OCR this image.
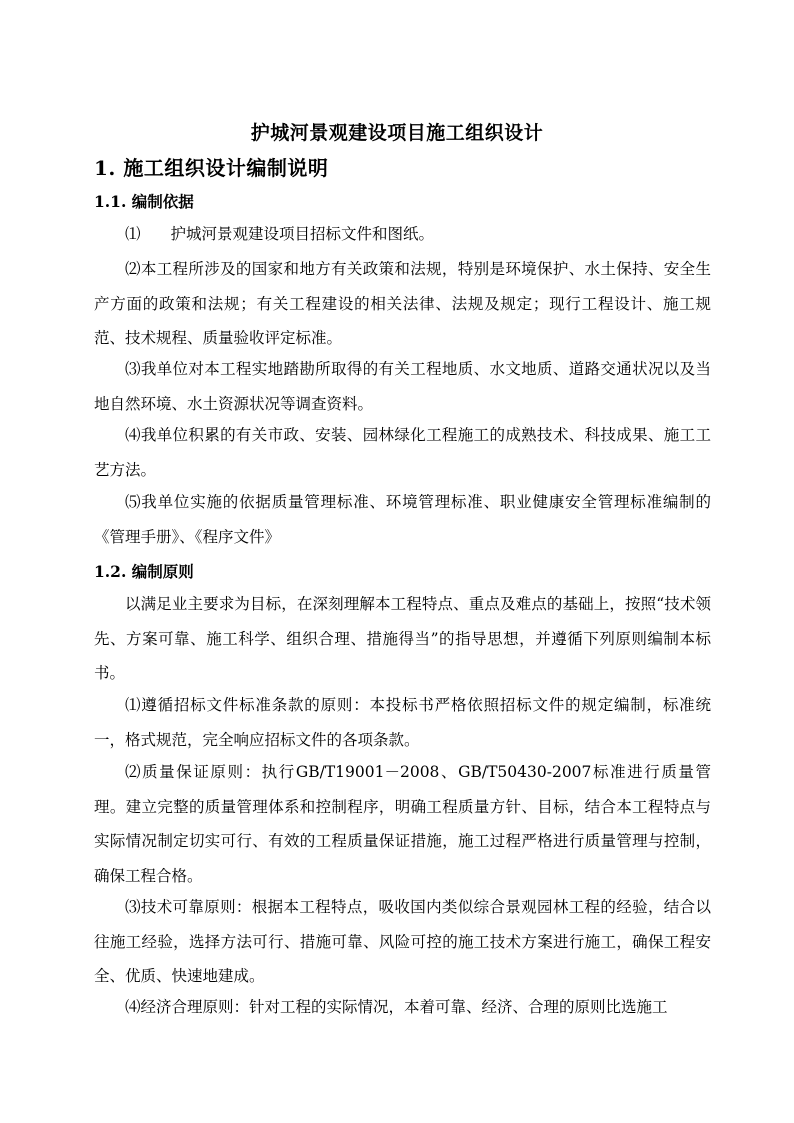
护城河景观建设项目施工组织设计
1. 施工组织设计编制说明
1.1. 编制依据
⑴ 护城河景观建设项目招标文件和图纸。
⑵本工程所涉及的国家和地方有关政策和法规，特别是环境保护、水土保持、安全生产方面的政策和法规；有关工程建设的相关法律、法规及规定；现行工程设计、施工规范、技术规程、质量验收评定标准。
⑶我单位对本工程实地踏勘所取得的有关工程地质、水文地质、道路交通状况以及当地自然环境、水土资源状况等调查资料。
⑷我单位积累的有关市政、安装、园林绿化工程施工的成熟技术、科技成果、施工工艺方法。
⑸我单位实施的依据质量管理标准、环境管理标准、职业健康安全管理标准编制的《管理手册》、《程序文件》
1.2. 编制原则
以满足业主要求为目标，在深刻理解本工程特点、重点及难点的基础上，按照“技术领先、方案可靠、施工科学、组织合理、措施得当”的指导思想，并遵循下列原则编制本标书。
⑴遵循招标文件标准条款的原则：本投标书严格依照招标文件的规定编制，标准统一，格式规范，完全响应招标文件的各项条款。
⑵质量保证原则：执行GB/T19001－2008、GB/T50430-2007标准进行质量管理。建立完整的质量管理体系和控制程序，明确工程质量方针、目标，结合本工程特点与实际情况制定切实可行、有效的工程质量保证措施，施工过程严格进行质量管理与控制，确保工程合格。
⑶技术可靠原则：根据本工程特点，吸收国内类似综合景观园林工程的经验，结合以往施工经验，选择方法可行、措施可靠、风险可控的施工技术方案进行施工，确保工程安全、优质、快速地建成。
⑷经济合理原则：针对工程的实际情况，本着可靠、经济、合理的原则比选施工
